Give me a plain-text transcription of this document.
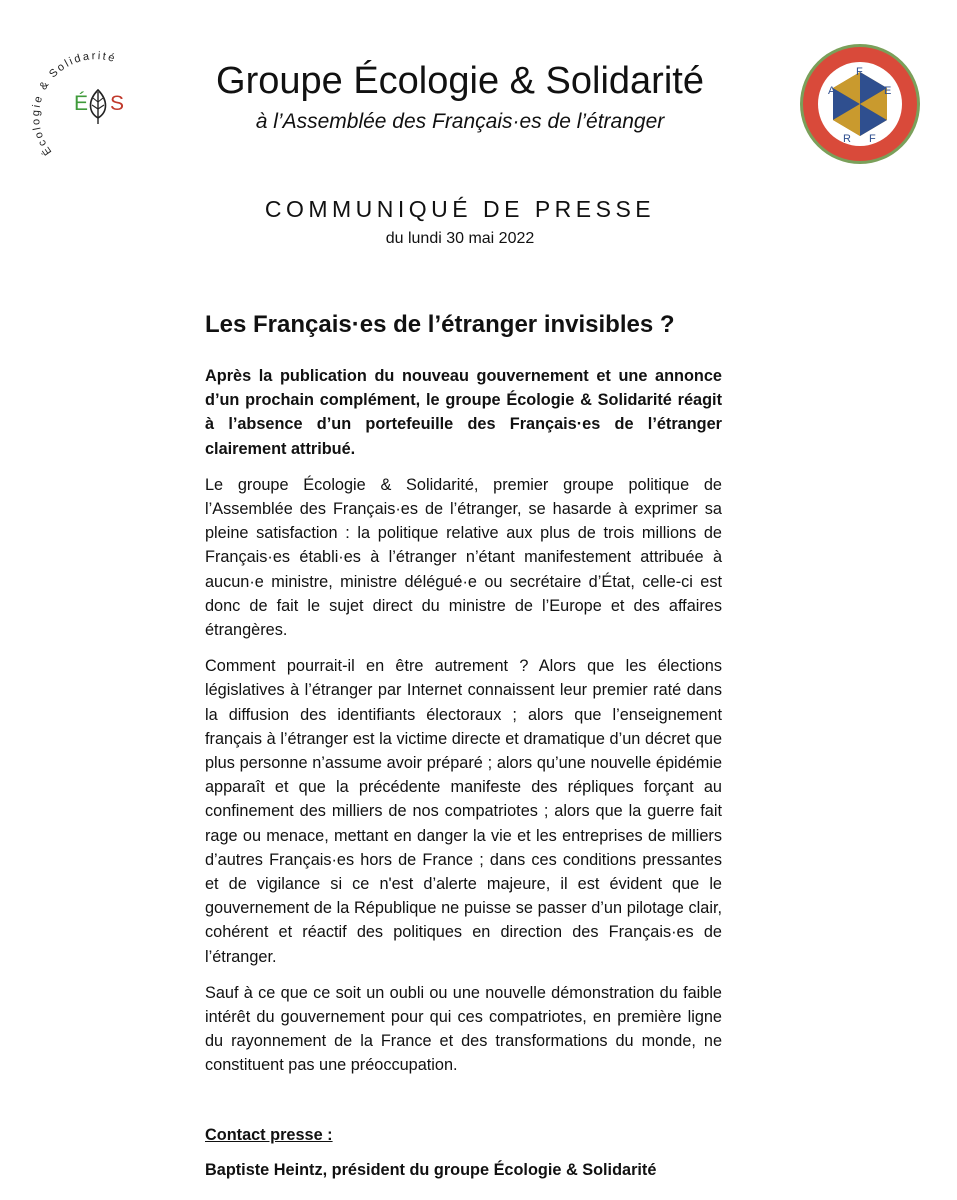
Écologie & Solidarité
É S
A
F
E
R F
Groupe Écologie & Solidarité
à l’Assemblée des Français·es de l’étranger
COMMUNIQUÉ DE PRESSE
du lundi 30 mai 2022
Les Français·es de l’étranger invisibles ?

Après la publication du nouveau gouvernement et une annonce d’un prochain complément, le groupe Écologie & Solidarité réagit à l’absence d’un portefeuille des Français·es de l’étranger clairement attribué.

Le groupe Écologie & Solidarité, premier groupe politique de l’Assemblée des Français·es de l’étranger, se hasarde à exprimer sa pleine satisfaction : la politique relative aux plus de trois millions de Français·es établi·es à l’étranger n’étant manifestement attribuée à aucun·e ministre, ministre délégué·e ou secrétaire d’État, celle-ci est donc de fait le sujet direct du ministre de l’Europe et des affaires étrangères.

Comment pourrait-il en être autrement ? Alors que les élections législatives à l’étranger par Internet connaissent leur premier raté dans la diffusion des identifiants électoraux ; alors que l’enseignement français à l’étranger est la victime directe et dramatique d’un décret que plus personne n’assume avoir préparé ; alors qu’une nouvelle épidémie apparaît et que la précédente manifeste des répliques forçant au confinement des milliers de nos compatriotes ; alors que la guerre fait rage ou menace, mettant en danger la vie et les entreprises de milliers d’autres Français·es hors de France ; dans ces conditions pressantes et de vigilance si ce n'est d’alerte majeure, il est évident que le gouvernement de la République ne puisse se passer d’un pilotage clair, cohérent et réactif des politiques en direction des Français·es de l’étranger.

Sauf à ce que ce soit un oubli ou une nouvelle démonstration du faible intérêt du gouvernement pour qui ces compatriotes, en première ligne du rayonnement de la France et des transformations du monde, ne constituent pas une préoccupation.

Contact presse :

Baptiste Heintz, président du groupe Écologie & Solidarité
